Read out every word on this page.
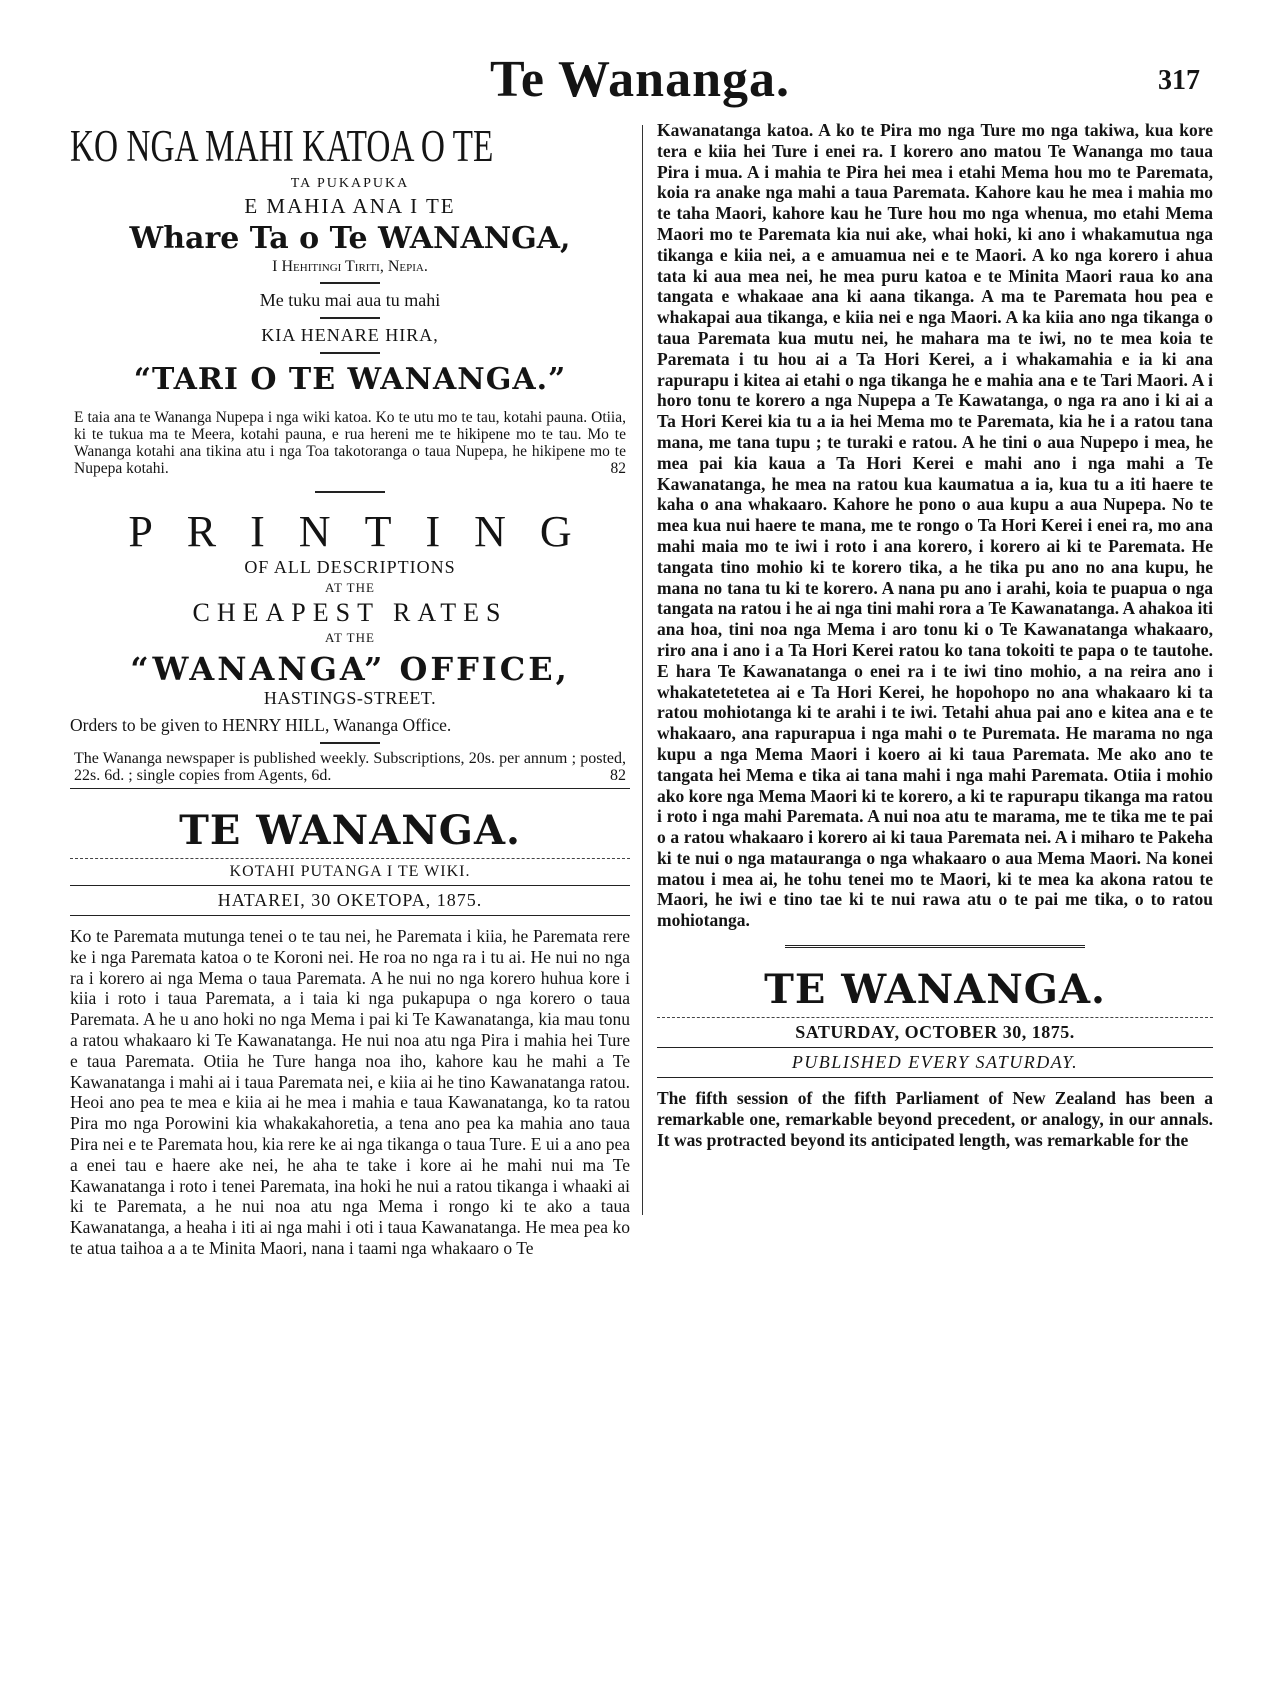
Te Wananga.	317
KO NGA MAHI KATOA O TE
TA PUKAPUKA
E MAHIA ANA I TE
Whare Ta o Te WANANGA,
I Hehitingi Tiriti, Nepia.
Me tuku mai aua tu mahi
KIA HENARE HIRA,
“TARI O TE WANANGA.”
E taia ana te Wananga Nupepa i nga wiki katoa. Ko te utu mo te tau, kotahi pauna. Otiia, ki te tukua ma te Meera, kotahi pauna, e rua hereni me te hikipene mo te tau. Mo te Wananga kotahi ana tikina atu i nga Toa takotoranga o taua Nupepa, he hikipene mo te Nupepa kotahi.	82
PRINTING
OF ALL DESCRIPTIONS
AT THE
CHEAPEST RATES
AT THE
“WANANGA” OFFICE,
HASTINGS-STREET.
Orders to be given to HENRY HILL, Wananga Office.
The Wananga newspaper is published weekly. Subscriptions, 20s. per annum ; posted, 22s. 6d. ; single copies from Agents, 6d.	82
TE WANANGA.
KOTAHI PUTANGA I TE WIKI.
HATAREI, 30 OKETOPA, 1875.
Ko te Paremata mutunga tenei o te tau nei, he Paremata i kiia, he Paremata rere ke i nga Paremata katoa o te Koroni nei. He roa no nga ra i tu ai. He nui no nga ra i korero ai nga Mema o taua Paremata. A he nui no nga korero huhua kore i kiia i roto i taua Paremata, a i taia ki nga pukapupa o nga korero o taua Paremata. A he u ano hoki no nga Mema i pai ki Te Kawanatanga, kia mau tonu a ratou whakaaro ki Te Kawanatanga. He nui noa atu nga Pira i mahia hei Ture e taua Paremata. Otiia he Ture hanga noa iho, kahore kau he mahi a Te Kawanatanga i mahi ai i taua Paremata nei, e kiia ai he tino Kawanatanga ratou. Heoi ano pea te mea e kiia ai he mea i mahia e taua Kawanatanga, ko ta ratou Pira mo nga Porowini kia whakakahoretia, a tena ano pea ka mahia ano taua Pira nei e te Paremata hou, kia rere ke ai nga tikanga o taua Ture. E ui a ano pea a enei tau e haere ake nei, he aha te take i kore ai he mahi nui ma Te Kawanatanga i roto i tenei Paremata, ina hoki he nui a ratou tikanga i whaaki ai ki te Paremata, a he nui noa atu nga Mema i rongo ki te ako a taua Kawanatanga, a heaha i iti ai nga mahi i oti i taua Kawanatanga. He mea pea ko te atua taihoa a a te Minita Maori, nana i taami nga whakaaro o Te
Kawanatanga katoa. A ko te Pira mo nga Ture mo nga takiwa, kua kore tera e kiia hei Ture i enei ra. I korero ano matou Te Wananga mo taua Pira i mua. A i mahia te Pira hei mea i etahi Mema hou mo te Paremata, koia ra anake nga mahi a taua Paremata. Kahore kau he mea i mahia mo te taha Maori, kahore kau he Ture hou mo nga whenua, mo etahi Mema Maori mo te Paremata kia nui ake, whai hoki, ki ano i whakamutua nga tikanga e kiia nei, a e amuamua nei e te Maori. A ko nga korero i ahua tata ki aua mea nei, he mea puru katoa e te Minita Maori raua ko ana tangata e whakaae ana ki aana tikanga. A ma te Paremata hou pea e whakapai aua tikanga, e kiia nei e nga Maori. A ka kiia ano nga tikanga o taua Paremata kua mutu nei, he mahara ma te iwi, no te mea koia te Paremata i tu hou ai a Ta Hori Kerei, a i whakamahia e ia ki ana rapurapu i kitea ai etahi o nga tikanga he e mahia ana e te Tari Maori. A i horo tonu te korero a nga Nupepa a Te Kawatanga, o nga ra ano i ki ai a Ta Hori Kerei kia tu a ia hei Mema mo te Paremata, kia he i a ratou tana mana, me tana tupu ; te turaki e ratou. A he tini o aua Nupepo i mea, he mea pai kia kaua a Ta Hori Kerei e mahi ano i nga mahi a Te Kawanatanga, he mea na ratou kua kaumatua a ia, kua tu a iti haere te kaha o ana whakaaro. Kahore he pono o aua kupu a aua Nupepa. No te mea kua nui haere te mana, me te rongo o Ta Hori Kerei i enei ra, mo ana mahi maia mo te iwi i roto i ana korero, i korero ai ki te Paremata. He tangata tino mohio ki te korero tika, a he tika pu ano no ana kupu, he mana no tana tu ki te korero. A nana pu ano i arahi, koia te puapua o nga tangata na ratou i he ai nga tini mahi rora a Te Kawanatanga. A ahakoa iti ana hoa, tini noa nga Mema i aro tonu ki o Te Kawanatanga whakaaro, riro ana i ano i a Ta Hori Kerei ratou ko tana tokoiti te papa o te tautohe. E hara Te Kawanatanga o enei ra i te iwi tino mohio, a na reira ano i whakatetetetea ai e Ta Hori Kerei, he hopohopo no ana whakaaro ki ta ratou mohiotanga ki te arahi i te iwi. Tetahi ahua pai ano e kitea ana e te whakaaro, ana rapurapua i nga mahi o te Puremata. He marama no nga kupu a nga Mema Maori i koero ai ki taua Paremata. Me ako ano te tangata hei Mema e tika ai tana mahi i nga mahi Paremata. Otiia i mohio ako kore nga Mema Maori ki te korero, a ki te rapurapu tikanga ma ratou i roto i nga mahi Paremata. A nui noa atu te marama, me te tika me te pai o a ratou whakaaro i korero ai ki taua Paremata nei. A i miharo te Pakeha ki te nui o nga matauranga o nga whakaaro o aua Mema Maori. Na konei matou i mea ai, he tohu tenei mo te Maori, ki te mea ka akona ratou te Maori, he iwi e tino tae ki te nui rawa atu o te pai me tika, o to ratou mohiotanga.
TE WANANGA.
SATURDAY, OCTOBER 30, 1875.
PUBLISHED EVERY SATURDAY.
The fifth session of the fifth Parliament of New Zealand has been a remarkable one, remarkable beyond precedent, or analogy, in our annals. It was protracted beyond its anticipated length, was remarkable for the
